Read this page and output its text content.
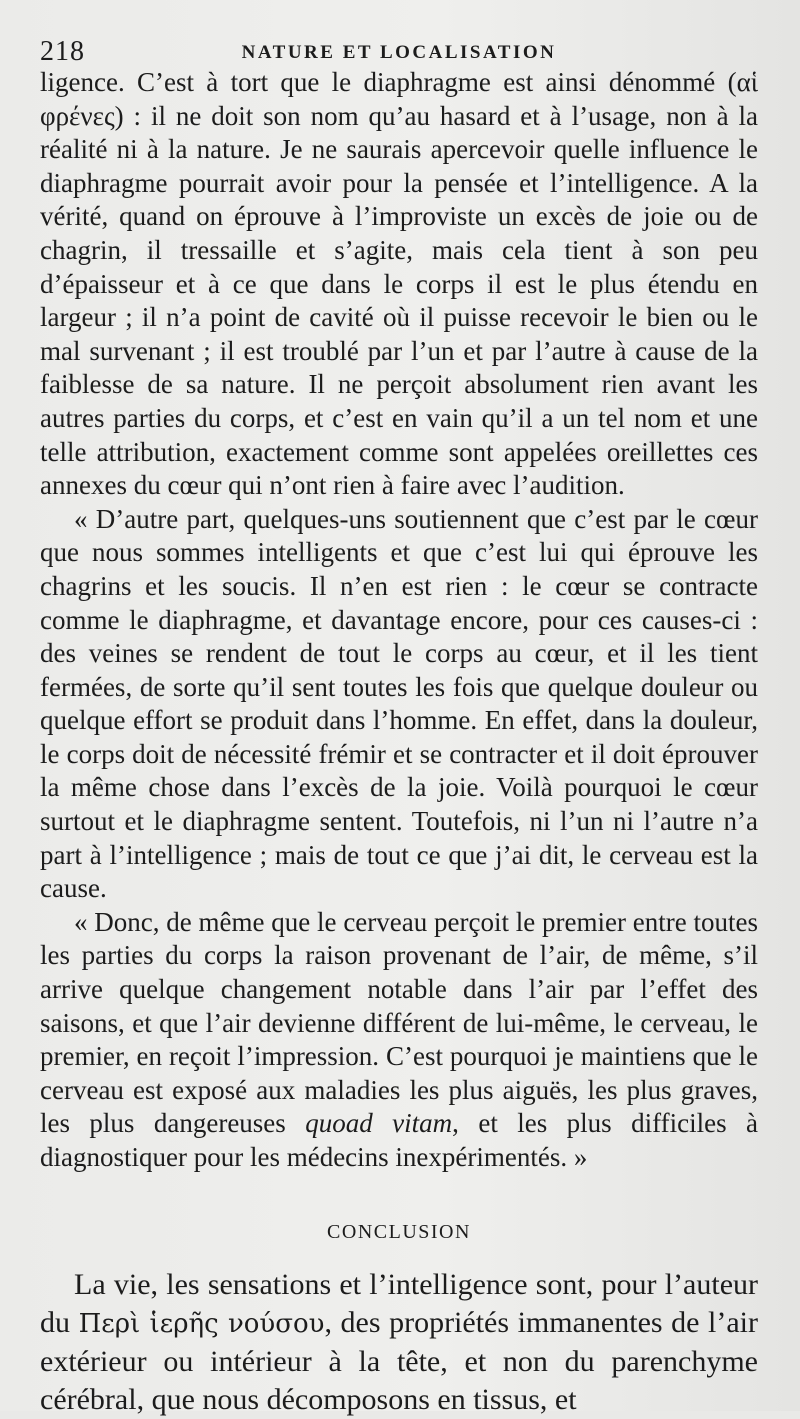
218	NATURE ET LOCALISATION

ligence. C’est à tort que le diaphragme est ainsi dénommé (αἱ φρένες) : il ne doit son nom qu’au hasard et à l’usage, non à la réalité ni à la nature. Je ne saurais apercevoir quelle influence le diaphragme pourrait avoir pour la pensée et l’intelligence. A la vérité, quand on éprouve à l’improviste un excès de joie ou de chagrin, il tressaille et s’agite, mais cela tient à son peu d’épaisseur et à ce que dans le corps il est le plus étendu en largeur ; il n’a point de cavité où il puisse recevoir le bien ou le mal survenant ; il est troublé par l’un et par l’autre à cause de la faiblesse de sa nature. Il ne perçoit absolument rien avant les autres parties du corps, et c’est en vain qu’il a un tel nom et une telle attribution, exactement comme sont appelées oreillettes ces annexes du cœur qui n’ont rien à faire avec l’audition.

« D’autre part, quelques-uns soutiennent que c’est par le cœur que nous sommes intelligents et que c’est lui qui éprouve les chagrins et les soucis. Il n’en est rien : le cœur se contracte comme le diaphragme, et davantage encore, pour ces causes-ci : des veines se rendent de tout le corps au cœur, et il les tient fermées, de sorte qu’il sent toutes les fois que quelque douleur ou quelque effort se produit dans l’homme. En effet, dans la douleur, le corps doit de nécessité frémir et se contracter et il doit éprouver la même chose dans l’excès de la joie. Voilà pourquoi le cœur surtout et le diaphragme sentent. Toutefois, ni l’un ni l’autre n’a part à l’intelligence ; mais de tout ce que j’ai dit, le cerveau est la cause.

« Donc, de même que le cerveau perçoit le premier entre toutes les parties du corps la raison provenant de l’air, de même, s’il arrive quelque changement notable dans l’air par l’effet des saisons, et que l’air devienne différent de lui-même, le cerveau, le premier, en reçoit l’impression. C’est pourquoi je maintiens que le cerveau est exposé aux maladies les plus aiguës, les plus graves, les plus dangereuses quoad vitam, et les plus difficiles à diagnostiquer pour les médecins inexpérimentés. »

CONCLUSION

La vie, les sensations et l’intelligence sont, pour l’auteur du Περὶ ἱερῆς νούσου, des propriétés immanentes de l’air extérieur ou intérieur à la tête, et non du parenchyme cérébral, que nous décomposons en tissus, et
